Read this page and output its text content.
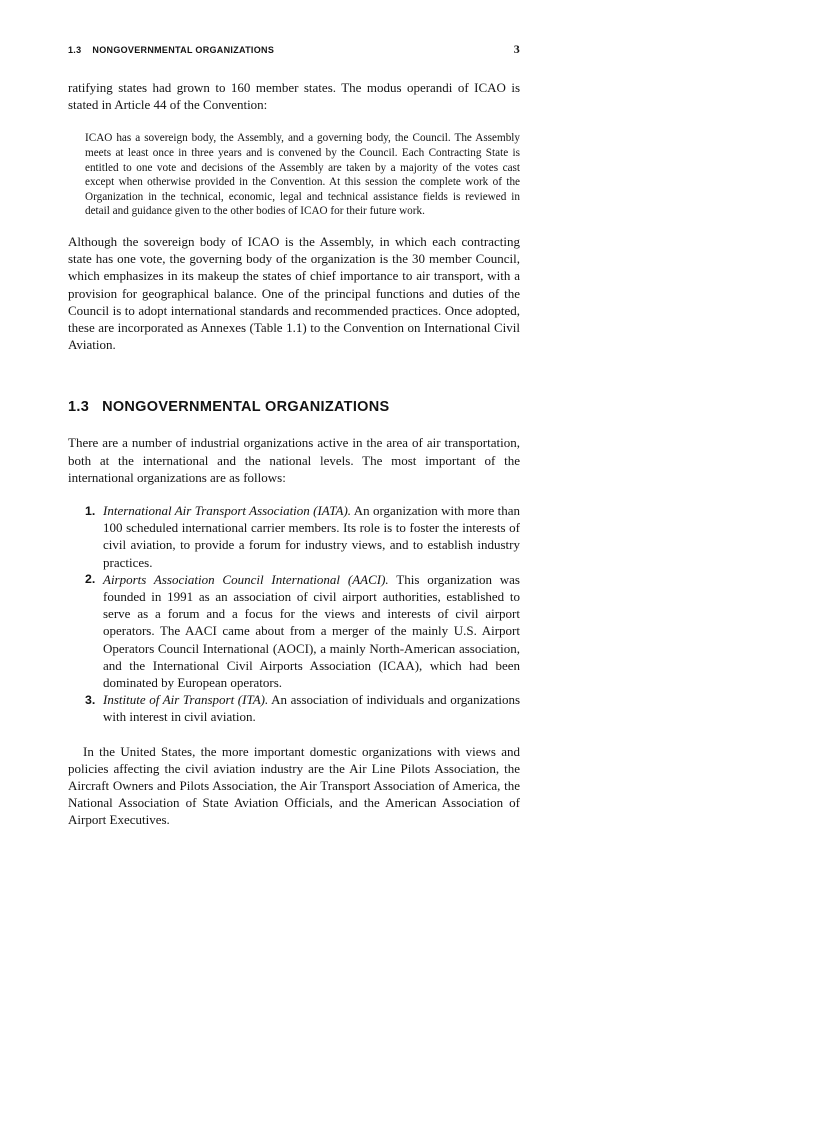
1.3 NONGOVERNMENTAL ORGANIZATIONS	3

ratifying states had grown to 160 member states. The modus operandi of ICAO is stated in Article 44 of the Convention:

ICAO has a sovereign body, the Assembly, and a governing body, the Council. The Assembly meets at least once in three years and is convened by the Council. Each Contracting State is entitled to one vote and decisions of the Assembly are taken by a majority of the votes cast except when otherwise provided in the Convention. At this session the complete work of the Organization in the technical, economic, legal and technical assistance fields is reviewed in detail and guidance given to the other bodies of ICAO for their future work.

Although the sovereign body of ICAO is the Assembly, in which each contracting state has one vote, the governing body of the organization is the 30 member Council, which emphasizes in its makeup the states of chief importance to air transport, with a provision for geographical balance. One of the principal functions and duties of the Council is to adopt international standards and recommended practices. Once adopted, these are incorporated as Annexes (Table 1.1) to the Convention on International Civil Aviation.

1.3 NONGOVERNMENTAL ORGANIZATIONS

There are a number of industrial organizations active in the area of air transportation, both at the international and the national levels. The most important of the international organizations are as follows:

1. International Air Transport Association (IATA). An organization with more than 100 scheduled international carrier members. Its role is to foster the interests of civil aviation, to provide a forum for industry views, and to establish industry practices.
2. Airports Association Council International (AACI). This organization was founded in 1991 as an association of civil airport authorities, established to serve as a forum and a focus for the views and interests of civil airport operators. The AACI came about from a merger of the mainly U.S. Airport Operators Council International (AOCI), a mainly North-American association, and the International Civil Airports Association (ICAA), which had been dominated by European operators.
3. Institute of Air Transport (ITA). An association of individuals and organizations with interest in civil aviation.

In the United States, the more important domestic organizations with views and policies affecting the civil aviation industry are the Air Line Pilots Association, the Aircraft Owners and Pilots Association, the Air Transport Association of America, the National Association of State Aviation Officials, and the American Association of Airport Executives.
